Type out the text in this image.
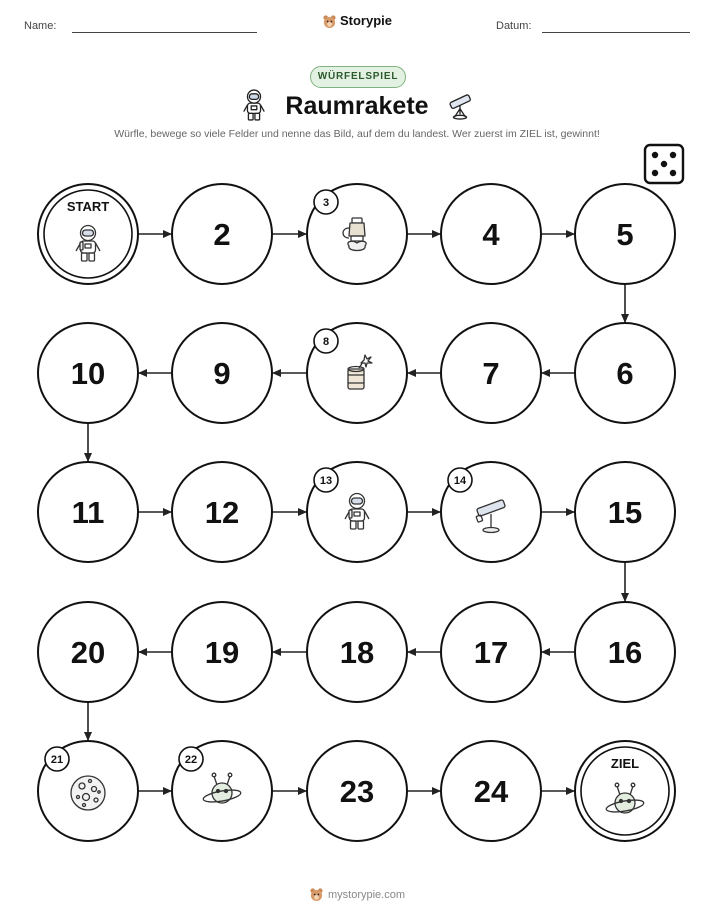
Name:	Storypie	Datum:
WÜRFELSPIEL
Raumrakete
Würfle, bewege so viele Felder und nenne das Bild, auf dem du landest. Wer zuerst im ZIEL ist, gewinnt!
START
2
3
4	5
6
7
8
9
10
11	12
13	14
15
16
17
18
19
20
21	22
23	24
ZIEL
mystorypie.com
